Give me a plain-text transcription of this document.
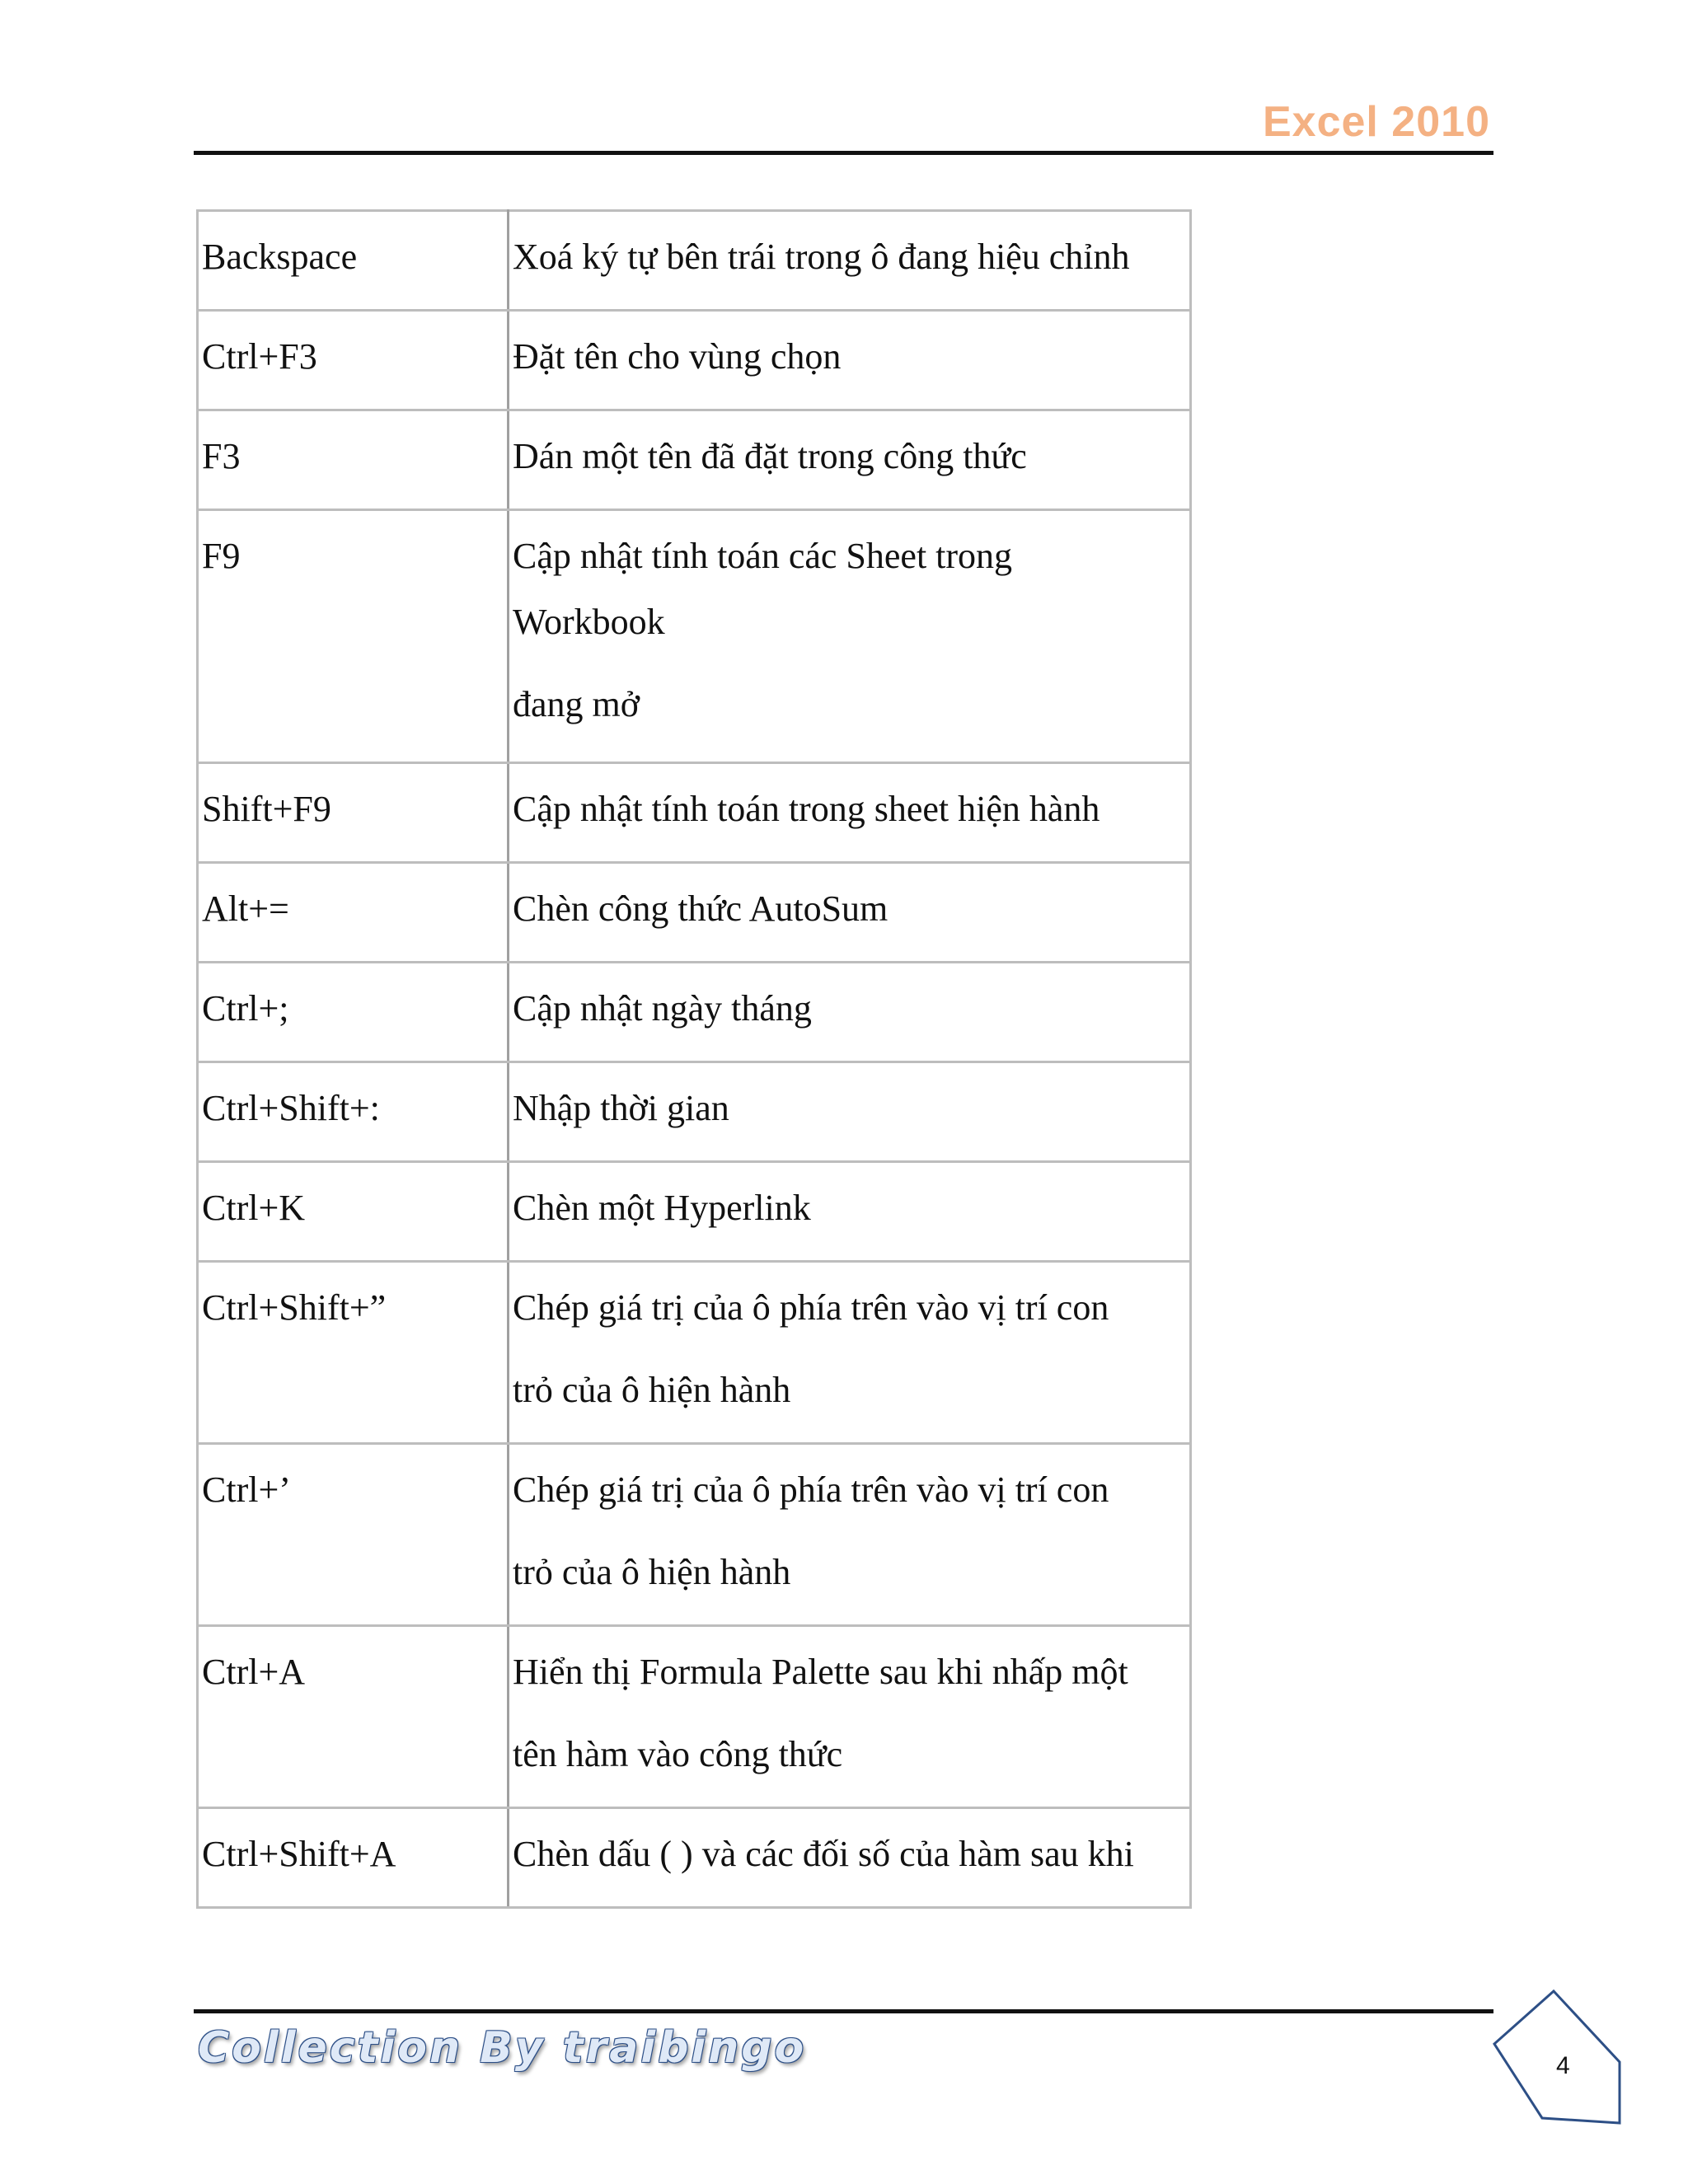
Excel 2010
Backspace	Xoá ký tự bên trái trong ô đang hiệu chỉnh

Ctrl+F3	Đặt tên cho vùng chọn

F3	Dán một tên đã đặt trong công thức

F9	Cập nhật tính toán các Sheet trong
Workbook
đang mở

Shift+F9	Cập nhật tính toán trong sheet hiện hành

Alt+=	Chèn công thức AutoSum

Ctrl+;	Cập nhật ngày tháng

Ctrl+Shift+:	Nhập thời gian

Ctrl+K	Chèn một Hyperlink

Ctrl+Shift+”	Chép giá trị của ô phía trên vào vị trí con
trỏ của ô hiện hành

Ctrl+’	Chép giá trị của ô phía trên vào vị trí con
trỏ của ô hiện hành

Ctrl+A	Hiển thị Formula Palette sau khi nhấp một
tên hàm vào công thức

Ctrl+Shift+A	Chèn dấu ( ) và các đối số của hàm sau khi
Collection By traibingo	4
